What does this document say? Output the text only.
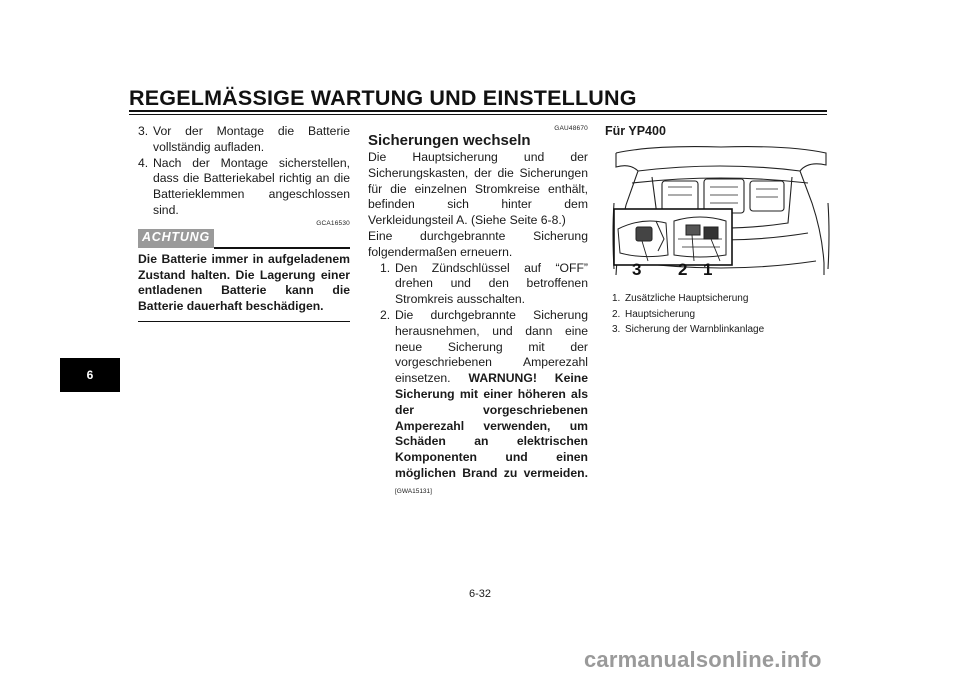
REGELMÄSSIGE WARTUNG UND EINSTELLUNG
6
3. Vor der Montage die Batterie vollständig aufladen.
4. Nach der Montage sicherstellen, dass die Batteriekabel richtig an die Batterieklemmen angeschlossen sind.
GCA16530
ACHTUNG

Die Batterie immer in aufgeladenem Zustand halten. Die Lagerung einer entladenen Batterie kann die Batterie dauerhaft beschädigen.

GAU48670
Sicherungen wechseln

Die Hauptsicherung und der Sicherungskasten, der die Sicherungen für die einzelnen Stromkreise enthält, befinden sich hinter dem Verkleidungsteil A. (Siehe Seite 6-8.)

Eine durchgebrannte Sicherung folgendermaßen erneuern.

1. Den Zündschlüssel auf “OFF” drehen und den betroffenen Stromkreis ausschalten.
2. Die durchgebrannte Sicherung herausnehmen, und dann eine neue Sicherung mit der vorgeschriebenen Amperezahl einsetzen. WARNUNG! Keine Sicherung mit einer höheren als der vorgeschriebenen Amperezahl verwenden, um Schäden an elektrischen Komponenten und einen möglichen Brand zu vermeiden.[GWA15131]
Für YP400
3 2 1
1. Zusätzliche Hauptsicherung
2. Hauptsicherung
3. Sicherung der Warnblinkanlage
6-32
carmanualsonline.info
